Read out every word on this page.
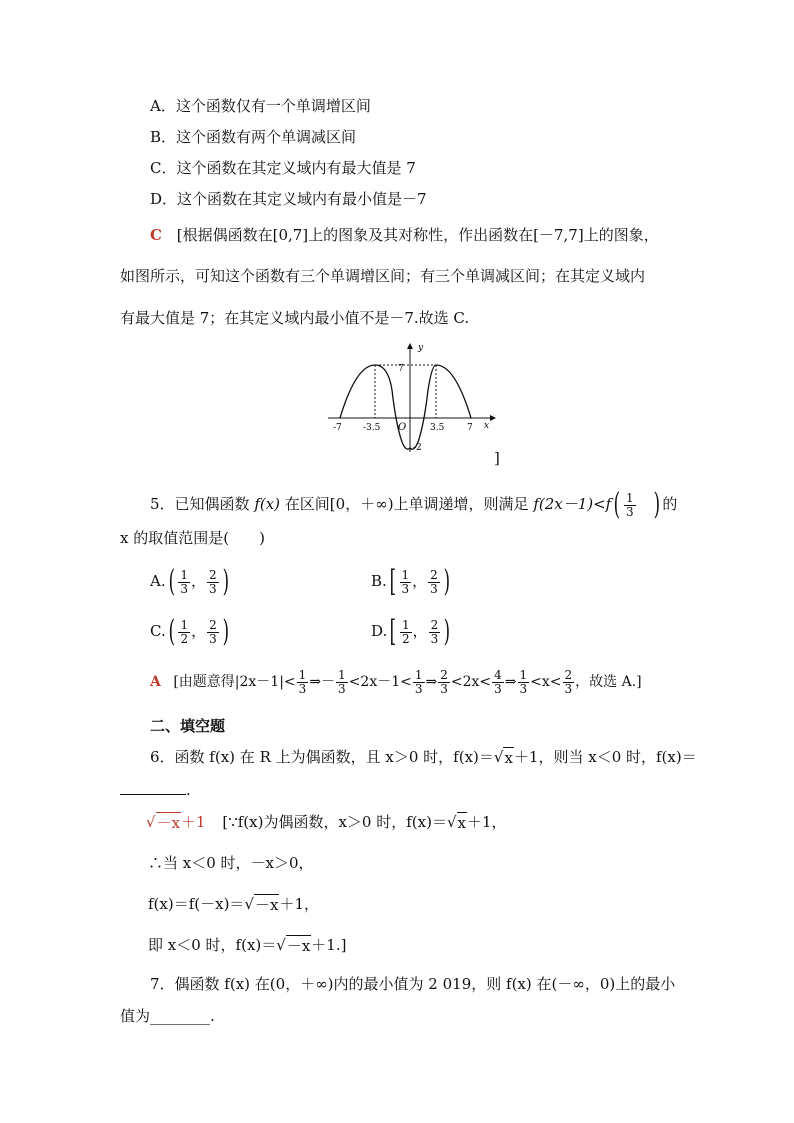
A．这个函数仅有一个单调增区间
B．这个函数有两个单调减区间
C．这个函数在其定义域内有最大值是 7
D．这个函数在其定义域内有最小值是－7
C [根据偶函数在[0,7]上的图象及其对称性，作出函数在[－7,7]上的图象，
如图所示，可知这个函数有三个单调增区间；有三个单调减区间；在其定义域内
有最大值是 7；在其定义域内最小值不是－7.故选 C.
y
x
7
-2
-7 -3.5 O	3.5	7
]
5．已知偶函数 f(x) 在区间[0，＋∞)上单调递增，则满足 $f(2x-1)<f( \frac{1}{3}$ ) 的
x 的取值范围是(　　)
$A.( \frac{1}{3}$ ， $\frac{2}{3}$ )	$B.[ \frac{1}{3}$ ， $\frac{2}{3}$ )
$C.( \frac{1}{2}$ ， $\frac{2}{3}$ )	$D.[ \frac{1}{2}$ ， $\frac{2}{3}$ )
A [由题意得$|2x-1|< \frac{1}{3}$ ⇒－ $\frac{1}{3} <2x-1< \frac{1}{3}$ ⇒ $\frac{2}{3} <2x< \frac{4}{3}$ ⇒ $\frac{1}{3} <x< \frac{2}{3}$ ，故选 A.]
二、填空题
6．函数 f(x) 在 R 上为偶函数，且 x＞0 时，f(x)＝√ x ＋1，则当 x＜0 时，f(x)＝
.
√ －x ＋1 [∵f(x)为偶函数，x＞0 时，f(x)＝√ x ＋1，
∴当 x＜0 时，－x＞0，
f(x)＝f(－x)＝√ －x ＋1，
即 x＜0 时，f(x)＝√ －x ＋1.]
7．偶函数 f(x) 在(0，＋∞)内的最小值为 2 019，则 f(x) 在(－∞，0)上的最小
值为________.
